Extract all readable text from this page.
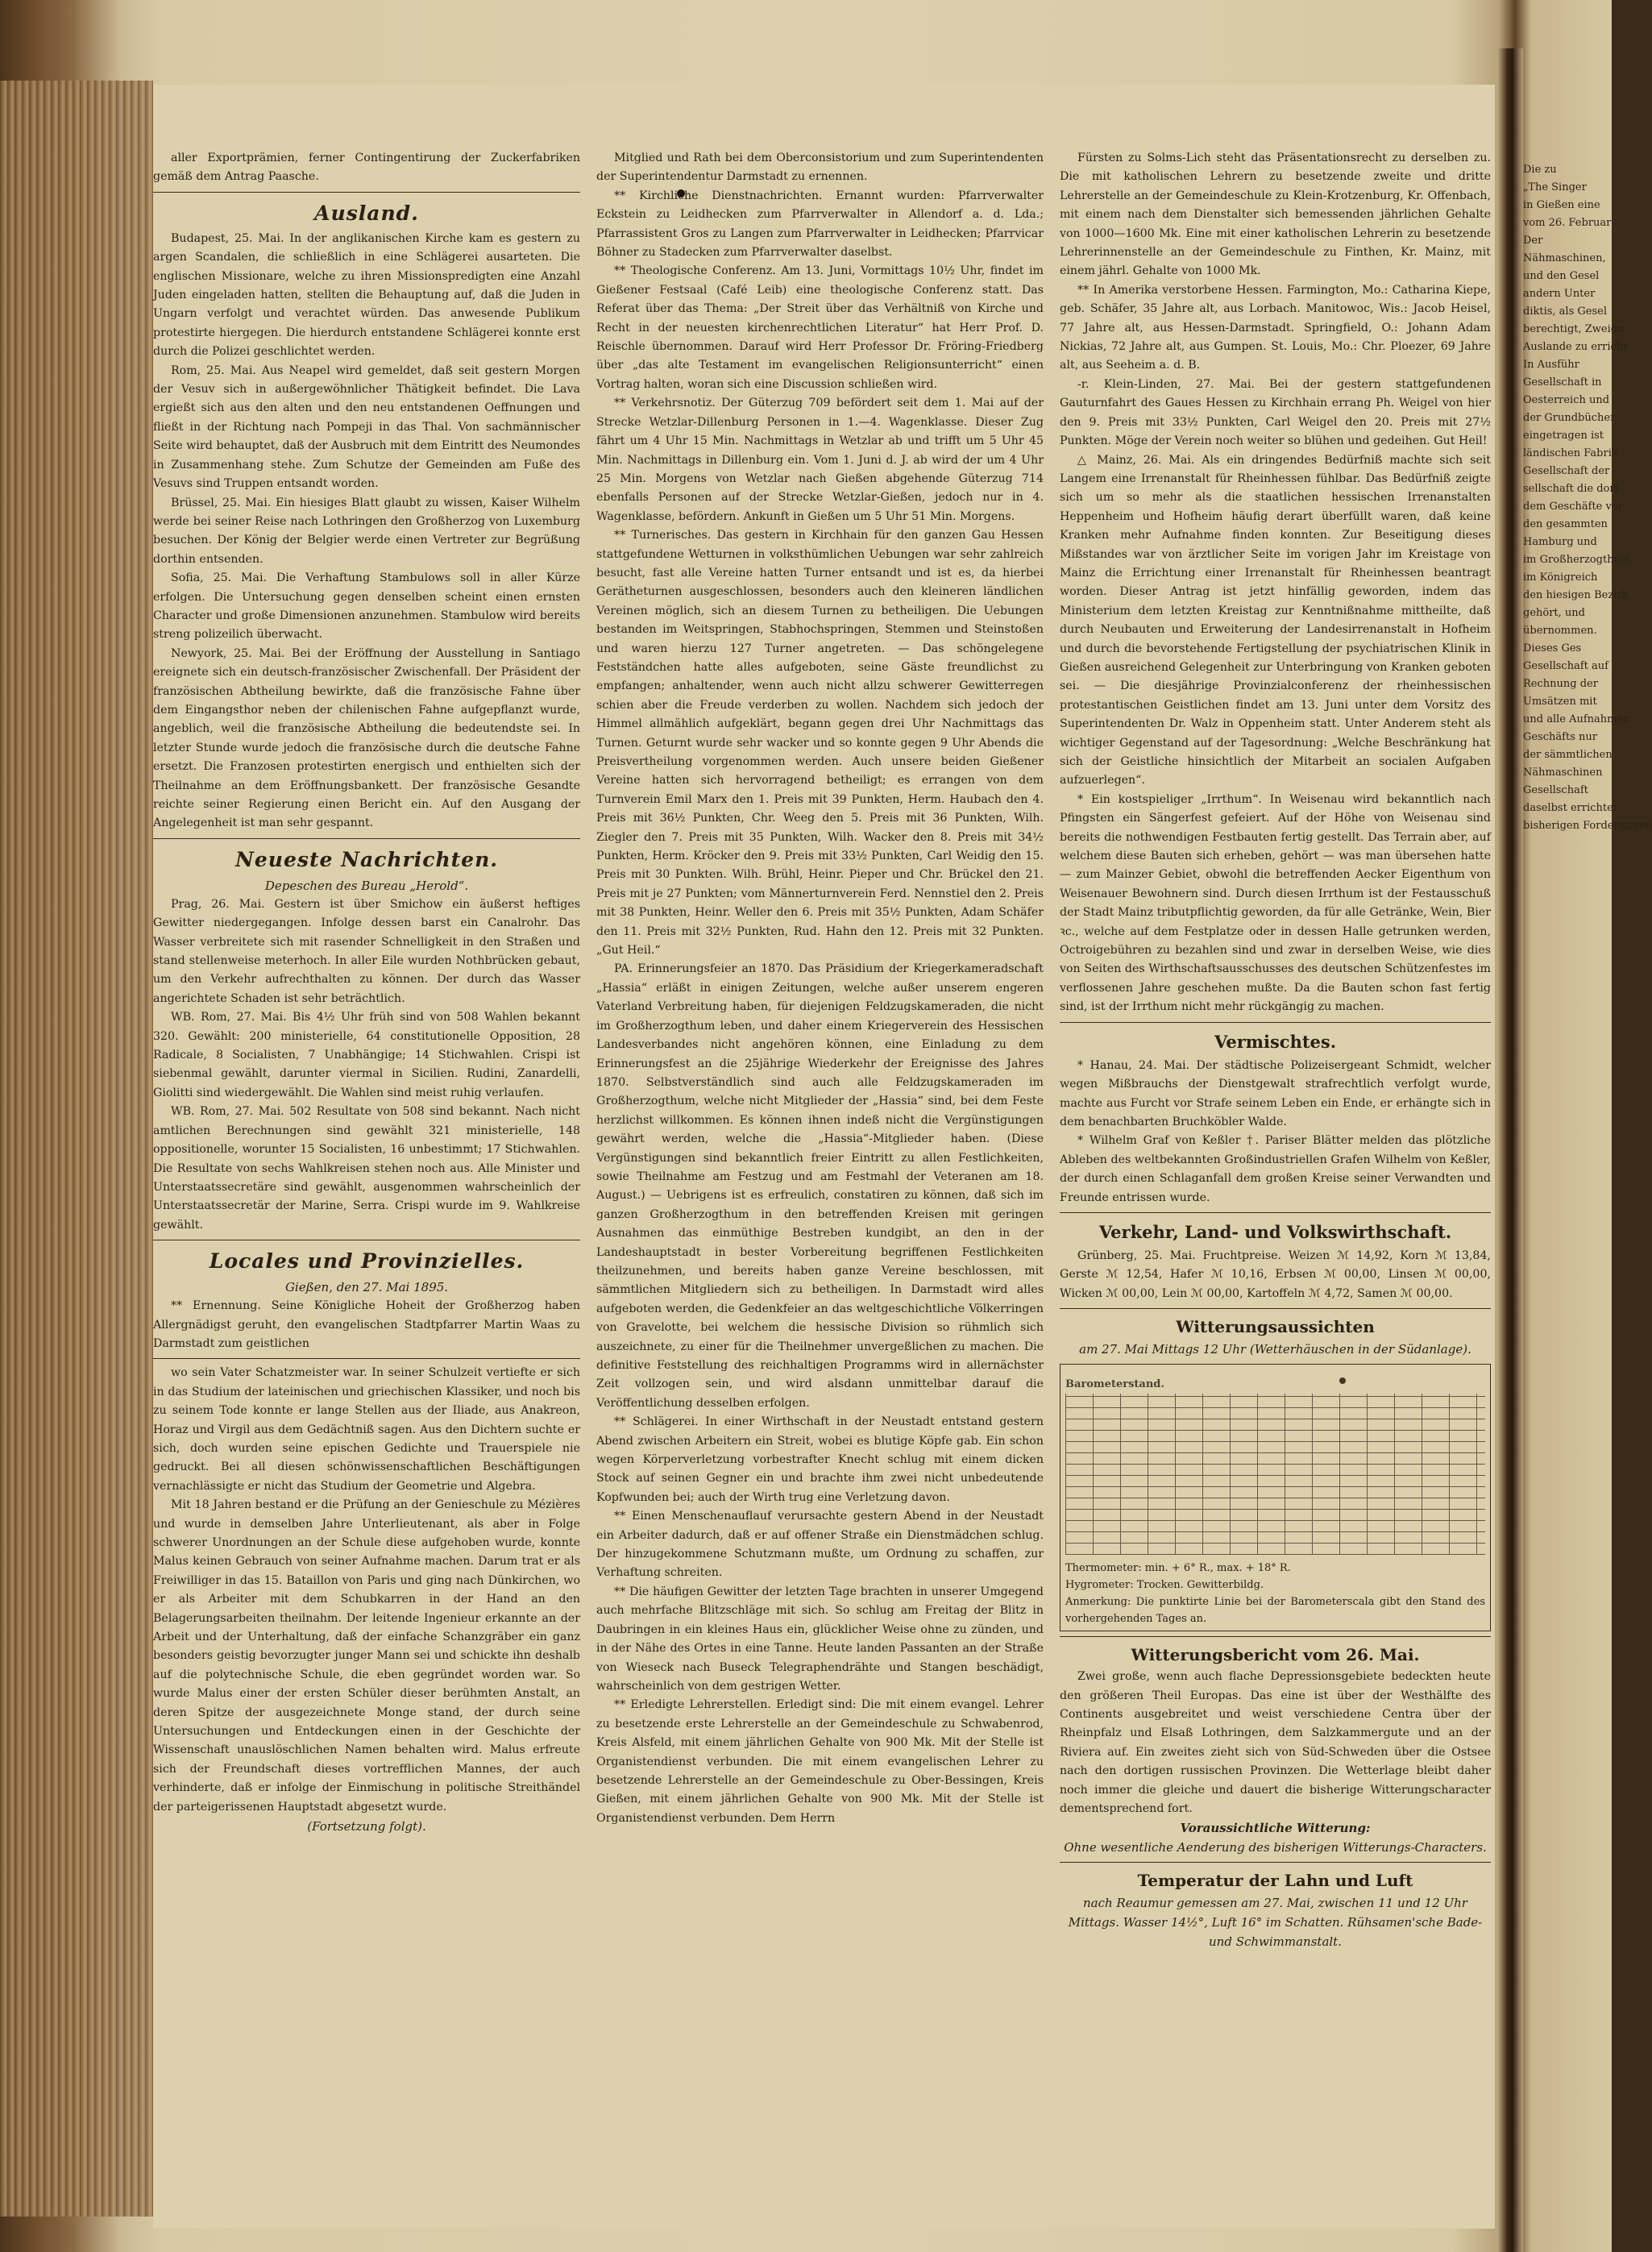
aller Exportprämien, ferner Contingentirung der Zuckerfabriken gemäß dem Antrag Paasche.

Ausland.

Budapest, 25. Mai. In der anglikanischen Kirche kam es gestern zu argen Scandalen, die schließlich in eine Schlägerei ausarteten. Die englischen Missionare, welche zu ihren Missionspredigten eine Anzahl Juden eingeladen hatten, stellten die Behauptung auf, daß die Juden in Ungarn verfolgt und verachtet würden. Das anwesende Publikum protestirte hiergegen. Die hierdurch entstandene Schlägerei konnte erst durch die Polizei geschlichtet werden.

Rom, 25. Mai. Aus Neapel wird gemeldet, daß seit gestern Morgen der Vesuv sich in außergewöhnlicher Thätigkeit befindet. Die Lava ergießt sich aus den alten und den neu entstandenen Oeffnungen und fließt in der Richtung nach Pompeji in das Thal. Von sachmännischer Seite wird behauptet, daß der Ausbruch mit dem Eintritt des Neumondes in Zusammenhang stehe. Zum Schutze der Gemeinden am Fuße des Vesuvs sind Truppen entsandt worden.

Brüssel, 25. Mai. Ein hiesiges Blatt glaubt zu wissen, Kaiser Wilhelm werde bei seiner Reise nach Lothringen den Großherzog von Luxemburg besuchen. Der König der Belgier werde einen Vertreter zur Begrüßung dorthin entsenden.

Sofia, 25. Mai. Die Verhaftung Stambulows soll in aller Kürze erfolgen. Die Untersuchung gegen denselben scheint einen ernsten Character und große Dimensionen anzunehmen. Stambulow wird bereits streng polizeilich überwacht.

Newyork, 25. Mai. Bei der Eröffnung der Ausstellung in Santiago ereignete sich ein deutsch-französischer Zwischenfall. Der Präsident der französischen Abtheilung bewirkte, daß die französische Fahne über dem Eingangsthor neben der chilenischen Fahne aufgepflanzt wurde, angeblich, weil die französische Abtheilung die bedeutendste sei. In letzter Stunde wurde jedoch die französische durch die deutsche Fahne ersetzt. Die Franzosen protestirten energisch und enthielten sich der Theilnahme an dem Eröffnungsbankett. Der französische Gesandte reichte seiner Regierung einen Bericht ein. Auf den Ausgang der Angelegenheit ist man sehr gespannt.

Neueste Nachrichten.
Depeschen des Bureau „Herold“.

Prag, 26. Mai. Gestern ist über Smichow ein äußerst heftiges Gewitter niedergegangen. Infolge dessen barst ein Canalrohr. Das Wasser verbreitete sich mit rasender Schnelligkeit in den Straßen und stand stellenweise meterhoch. In aller Eile wurden Nothbrücken gebaut, um den Verkehr aufrechthalten zu können. Der durch das Wasser angerichtete Schaden ist sehr beträchtlich.

WB. Rom, 27. Mai. Bis 4½ Uhr früh sind von 508 Wahlen bekannt 320. Gewählt: 200 ministerielle, 64 constitutionelle Opposition, 28 Radicale, 8 Socialisten, 7 Unabhängige; 14 Stichwahlen. Crispi ist siebenmal gewählt, darunter viermal in Sicilien. Rudini, Zanardelli, Giolitti sind wiedergewählt. Die Wahlen sind meist ruhig verlaufen.

WB. Rom, 27. Mai. 502 Resultate von 508 sind bekannt. Nach nicht amtlichen Berechnungen sind gewählt 321 ministerielle, 148 oppositionelle, worunter 15 Socialisten, 16 unbestimmt; 17 Stichwahlen. Die Resultate von sechs Wahlkreisen stehen noch aus. Alle Minister und Unterstaatssecretäre sind gewählt, ausgenommen wahrscheinlich der Unterstaatssecretär der Marine, Serra. Crispi wurde im 9. Wahlkreise gewählt.

Locales und Provinzielles.
Gießen, den 27. Mai 1895.

** Ernennung. Seine Königliche Hoheit der Großherzog haben Allergnädigst geruht, den evangelischen Stadtpfarrer Martin Waas zu Darmstadt zum geistlichen

wo sein Vater Schatzmeister war. In seiner Schulzeit vertiefte er sich in das Studium der lateinischen und griechischen Klassiker, und noch bis zu seinem Tode konnte er lange Stellen aus der Iliade, aus Anakreon, Horaz und Virgil aus dem Gedächtniß sagen. Aus den Dichtern suchte er sich, doch wurden seine epischen Gedichte und Trauerspiele nie gedruckt. Bei all diesen schönwissenschaftlichen Beschäftigungen vernachlässigte er nicht das Studium der Geometrie und Algebra.

Mit 18 Jahren bestand er die Prüfung an der Genieschule zu Mézières und wurde in demselben Jahre Unterlieutenant, als aber in Folge schwerer Unordnungen an der Schule diese aufgehoben wurde, konnte Malus keinen Gebrauch von seiner Aufnahme machen. Darum trat er als Freiwilliger in das 15. Bataillon von Paris und ging nach Dünkirchen, wo er als Arbeiter mit dem Schubkarren in der Hand an den Belagerungsarbeiten theilnahm. Der leitende Ingenieur erkannte an der Arbeit und der Unterhaltung, daß der einfache Schanzgräber ein ganz besonders geistig bevorzugter junger Mann sei und schickte ihn deshalb auf die polytechnische Schule, die eben gegründet worden war. So wurde Malus einer der ersten Schüler dieser berühmten Anstalt, an deren Spitze der ausgezeichnete Monge stand, der durch seine Untersuchungen und Entdeckungen einen in der Geschichte der Wissenschaft unauslöschlichen Namen behalten wird. Malus erfreute sich der Freundschaft dieses vortrefflichen Mannes, der auch verhinderte, daß er infolge der Einmischung in politische Streithändel der parteigerissenen Hauptstadt abgesetzt wurde.

(Fortsetzung folgt).

Mitglied und Rath bei dem Oberconsistorium und zum Superintendenten der Superintendentur Darmstadt zu ernennen.

** Kirchliche Dienstnachrichten. Ernannt wurden: Pfarrverwalter Eckstein zu Leidhecken zum Pfarrverwalter in Allendorf a. d. Lda.; Pfarrassistent Gros zu Langen zum Pfarrverwalter in Leidhecken; Pfarrvicar Böhner zu Stadecken zum Pfarrverwalter daselbst.

** Theologische Conferenz. Am 13. Juni, Vormittags 10½ Uhr, findet im Gießener Festsaal (Café Leib) eine theologische Conferenz statt. Das Referat über das Thema: „Der Streit über das Verhältniß von Kirche und Recht in der neuesten kirchenrechtlichen Literatur“ hat Herr Prof. D. Reischle übernommen. Darauf wird Herr Professor Dr. Fröring-Friedberg über „das alte Testament im evangelischen Religionsunterricht“ einen Vortrag halten, woran sich eine Discussion schließen wird.

** Verkehrsnotiz. Der Güterzug 709 befördert seit dem 1. Mai auf der Strecke Wetzlar-Dillenburg Personen in 1.—4. Wagenklasse. Dieser Zug fährt um 4 Uhr 15 Min. Nachmittags in Wetzlar ab und trifft um 5 Uhr 45 Min. Nachmittags in Dillenburg ein. Vom 1. Juni d. J. ab wird der um 4 Uhr 25 Min. Morgens von Wetzlar nach Gießen abgehende Güterzug 714 ebenfalls Personen auf der Strecke Wetzlar-Gießen, jedoch nur in 4. Wagenklasse, befördern. Ankunft in Gießen um 5 Uhr 51 Min. Morgens.

** Turnerisches. Das gestern in Kirchhain für den ganzen Gau Hessen stattgefundene Wetturnen in volksthümlichen Uebungen war sehr zahlreich besucht, fast alle Vereine hatten Turner entsandt und ist es, da hierbei Gerätheturnen ausgeschlossen, besonders auch den kleineren ländlichen Vereinen möglich, sich an diesem Turnen zu betheiligen. Die Uebungen bestanden im Weitspringen, Stabhochspringen, Stemmen und Steinstoßen und waren hierzu 127 Turner angetreten. — Das schöngelegene Festständchen hatte alles aufgeboten, seine Gäste freundlichst zu empfangen; anhaltender, wenn auch nicht allzu schwerer Gewitterregen schien aber die Freude verderben zu wollen. Nachdem sich jedoch der Himmel allmählich aufgeklärt, begann gegen drei Uhr Nachmittags das Turnen. Geturnt wurde sehr wacker und so konnte gegen 9 Uhr Abends die Preisvertheilung vorgenommen werden. Auch unsere beiden Gießener Vereine hatten sich hervorragend betheiligt; es errangen von dem Turnverein Emil Marx den 1. Preis mit 39 Punkten, Herm. Haubach den 4. Preis mit 36½ Punkten, Chr. Weeg den 5. Preis mit 36 Punkten, Wilh. Ziegler den 7. Preis mit 35 Punkten, Wilh. Wacker den 8. Preis mit 34½ Punkten, Herm. Kröcker den 9. Preis mit 33½ Punkten, Carl Weidig den 15. Preis mit 30 Punkten. Wilh. Brühl, Heinr. Pieper und Chr. Brückel den 21. Preis mit je 27 Punkten; vom Männerturnverein Ferd. Nennstiel den 2. Preis mit 38 Punkten, Heinr. Weller den 6. Preis mit 35½ Punkten, Adam Schäfer den 11. Preis mit 32½ Punkten, Rud. Hahn den 12. Preis mit 32 Punkten. „Gut Heil.“

PA. Erinnerungsfeier an 1870. Das Präsidium der Kriegerkameradschaft „Hassia“ erläßt in einigen Zeitungen, welche außer unserem engeren Vaterland Verbreitung haben, für diejenigen Feldzugskameraden, die nicht im Großherzogthum leben, und daher einem Kriegerverein des Hessischen Landesverbandes nicht angehören können, eine Einladung zu dem Erinnerungsfest an die 25jährige Wiederkehr der Ereignisse des Jahres 1870. Selbstverständlich sind auch alle Feldzugskameraden im Großherzogthum, welche nicht Mitglieder der „Hassia“ sind, bei dem Feste herzlichst willkommen. Es können ihnen indeß nicht die Vergünstigungen gewährt werden, welche die „Hassia“-Mitglieder haben. (Diese Vergünstigungen sind bekanntlich freier Eintritt zu allen Festlichkeiten, sowie Theilnahme am Festzug und am Festmahl der Veteranen am 18. August.) — Uebrigens ist es erfreulich, constatiren zu können, daß sich im ganzen Großherzogthum in den betreffenden Kreisen mit geringen Ausnahmen das einmüthige Bestreben kundgibt, an den in der Landeshauptstadt in bester Vorbereitung begriffenen Festlichkeiten theilzunehmen, und bereits haben ganze Vereine beschlossen, mit sämmtlichen Mitgliedern sich zu betheiligen. In Darmstadt wird alles aufgeboten werden, die Gedenkfeier an das weltgeschichtliche Völkerringen von Gravelotte, bei welchem die hessische Division so rühmlich sich auszeichnete, zu einer für die Theilnehmer unvergeßlichen zu machen. Die definitive Feststellung des reichhaltigen Programms wird in allernächster Zeit vollzogen sein, und wird alsdann unmittelbar darauf die Veröffentlichung desselben erfolgen.

** Schlägerei. In einer Wirthschaft in der Neustadt entstand gestern Abend zwischen Arbeitern ein Streit, wobei es blutige Köpfe gab. Ein schon wegen Körperverletzung vorbestrafter Knecht schlug mit einem dicken Stock auf seinen Gegner ein und brachte ihm zwei nicht unbedeutende Kopfwunden bei; auch der Wirth trug eine Verletzung davon.

** Einen Menschenauflauf verursachte gestern Abend in der Neustadt ein Arbeiter dadurch, daß er auf offener Straße ein Dienstmädchen schlug. Der hinzugekommene Schutzmann mußte, um Ordnung zu schaffen, zur Verhaftung schreiten.

** Die häufigen Gewitter der letzten Tage brachten in unserer Umgegend auch mehrfache Blitzschläge mit sich. So schlug am Freitag der Blitz in Daubringen in ein kleines Haus ein, glücklicher Weise ohne zu zünden, und in der Nähe des Ortes in eine Tanne. Heute landen Passanten an der Straße von Wieseck nach Buseck Telegraphendrähte und Stangen beschädigt, wahrscheinlich von dem gestrigen Wetter.

** Erledigte Lehrerstellen. Erledigt sind: Die mit einem evangel. Lehrer zu besetzende erste Lehrerstelle an der Gemeindeschule zu Schwabenrod, Kreis Alsfeld, mit einem jährlichen Gehalte von 900 Mk. Mit der Stelle ist Organistendienst verbunden. Die mit einem evangelischen Lehrer zu besetzende Lehrerstelle an der Gemeindeschule zu Ober-Bessingen, Kreis Gießen, mit einem jährlichen Gehalte von 900 Mk. Mit der Stelle ist Organistendienst verbunden. Dem Herrn

Fürsten zu Solms-Lich steht das Präsentationsrecht zu derselben zu. Die mit katholischen Lehrern zu besetzende zweite und dritte Lehrerstelle an der Gemeindeschule zu Klein-Krotzenburg, Kr. Offenbach, mit einem nach dem Dienstalter sich bemessenden jährlichen Gehalte von 1000—1600 Mk. Eine mit einer katholischen Lehrerin zu besetzende Lehrerinnenstelle an der Gemeindeschule zu Finthen, Kr. Mainz, mit einem jährl. Gehalte von 1000 Mk.

** In Amerika verstorbene Hessen. Farmington, Mo.: Catharina Kiepe, geb. Schäfer, 35 Jahre alt, aus Lorbach. Manitowoc, Wis.: Jacob Heisel, 77 Jahre alt, aus Hessen-Darmstadt. Springfield, O.: Johann Adam Nickias, 72 Jahre alt, aus Gumpen. St. Louis, Mo.: Chr. Ploezer, 69 Jahre alt, aus Seeheim a. d. B.

-r. Klein-Linden, 27. Mai. Bei der gestern stattgefundenen Gauturnfahrt des Gaues Hessen zu Kirchhain errang Ph. Weigel von hier den 9. Preis mit 33½ Punkten, Carl Weigel den 20. Preis mit 27½ Punkten. Möge der Verein noch weiter so blühen und gedeihen. Gut Heil!

△ Mainz, 26. Mai. Als ein dringendes Bedürfniß machte sich seit Langem eine Irrenanstalt für Rheinhessen fühlbar. Das Bedürfniß zeigte sich um so mehr als die staatlichen hessischen Irrenanstalten Heppenheim und Hofheim häufig derart überfüllt waren, daß keine Kranken mehr Aufnahme finden konnten. Zur Beseitigung dieses Mißstandes war von ärztlicher Seite im vorigen Jahr im Kreistage von Mainz die Errichtung einer Irrenanstalt für Rheinhessen beantragt worden. Dieser Antrag ist jetzt hinfällig geworden, indem das Ministerium dem letzten Kreistag zur Kenntnißnahme mittheilte, daß durch Neubauten und Erweiterung der Landesirrenanstalt in Hofheim und durch die bevorstehende Fertigstellung der psychiatrischen Klinik in Gießen ausreichend Gelegenheit zur Unterbringung von Kranken geboten sei. — Die diesjährige Provinzialconferenz der rheinhessischen protestantischen Geistlichen findet am 13. Juni unter dem Vorsitz des Superintendenten Dr. Walz in Oppenheim statt. Unter Anderem steht als wichtiger Gegenstand auf der Tagesordnung: „Welche Beschränkung hat sich der Geistliche hinsichtlich der Mitarbeit an socialen Aufgaben aufzuerlegen“.

* Ein kostspieliger „Irrthum“. In Weisenau wird bekanntlich nach Pfingsten ein Sängerfest gefeiert. Auf der Höhe von Weisenau sind bereits die nothwendigen Festbauten fertig gestellt. Das Terrain aber, auf welchem diese Bauten sich erheben, gehört — was man übersehen hatte — zum Mainzer Gebiet, obwohl die betreffenden Aecker Eigenthum von Weisenauer Bewohnern sind. Durch diesen Irrthum ist der Festausschuß der Stadt Mainz tributpflichtig geworden, da für alle Getränke, Wein, Bier ꝛc., welche auf dem Festplatze oder in dessen Halle getrunken werden, Octroigebühren zu bezahlen sind und zwar in derselben Weise, wie dies von Seiten des Wirthschaftsausschusses des deutschen Schützenfestes im verflossenen Jahre geschehen mußte. Da die Bauten schon fast fertig sind, ist der Irrthum nicht mehr rückgängig zu machen.

Vermischtes.

* Hanau, 24. Mai. Der städtische Polizeisergeant Schmidt, welcher wegen Mißbrauchs der Dienstgewalt strafrechtlich verfolgt wurde, machte aus Furcht vor Strafe seinem Leben ein Ende, er erhängte sich in dem benachbarten Bruchköbler Walde.

* Wilhelm Graf von Keßler †. Pariser Blätter melden das plötzliche Ableben des weltbekannten Großindustriellen Grafen Wilhelm von Keßler, der durch einen Schlaganfall dem großen Kreise seiner Verwandten und Freunde entrissen wurde.

Verkehr, Land- und Volkswirthschaft.

Grünberg, 25. Mai. Fruchtpreise. Weizen ℳ 14,92, Korn ℳ 13,84, Gerste ℳ 12,54, Hafer ℳ 10,16, Erbsen ℳ 00,00, Linsen ℳ 00,00, Wicken ℳ 00,00, Lein ℳ 00,00, Kartoffeln ℳ 4,72, Samen ℳ 00,00.

Witterungsaussichten
am 27. Mai Mittags 12 Uhr (Wetterhäuschen in der Südanlage).
Barometerstand.
Thermometer: min. + 6° R., max. + 18° R.
Hygrometer: Trocken. Gewitterbildg.
Anmerkung: Die punktirte Linie bei der Barometerscala gibt den Stand des vorhergehenden Tages an.
Witterungsbericht vom 26. Mai.

Zwei große, wenn auch flache Depressionsgebiete bedeckten heute den größeren Theil Europas. Das eine ist über der Westhälfte des Continents ausgebreitet und weist verschiedene Centra über der Rheinpfalz und Elsaß Lothringen, dem Salzkammergute und an der Riviera auf. Ein zweites zieht sich von Süd-Schweden über die Ostsee nach den dortigen russischen Provinzen. Die Wetterlage bleibt daher noch immer die gleiche und dauert die bisherige Witterungscharacter dementsprechend fort.

Voraussichtliche Witterung:
Ohne wesentliche Aenderung des bisherigen Witterungs-Characters.
Temperatur der Lahn und Luft
nach Reaumur gemessen am 27. Mai, zwischen 11 und 12 Uhr Mittags. Wasser 14½°, Luft 16° im Schatten. Rühsamen'sche Bade- und Schwimmanstalt.
Die zu
„The Singer
in Gießen eine
vom 26. Februar
Der
Nähmaschinen,
und den Gesel
andern Unter
diktis, als Gesel
berechtigt, Zweign
Auslande zu erricht
In Ausführ
Gesellschaft in
Oesterreich und
der Grundbücher
eingetragen ist
ländischen Fabrik
Gesellschaft der
sellschaft die dort
dem Geschäfte vor
den gesammten
Hamburg und
im Großherzogthum
im Königreich
den hiesigen Bezirk
gehört, und
übernommen.
Dieses Ges
Gesellschaft auf
Rechnung der
Umsätzen mit
und alle Aufnahmen
Geschäfts nur
der sämmtlichen
Nähmaschinen
Gesellschaft
daselbst errichtet
bisherigen Forderungen
